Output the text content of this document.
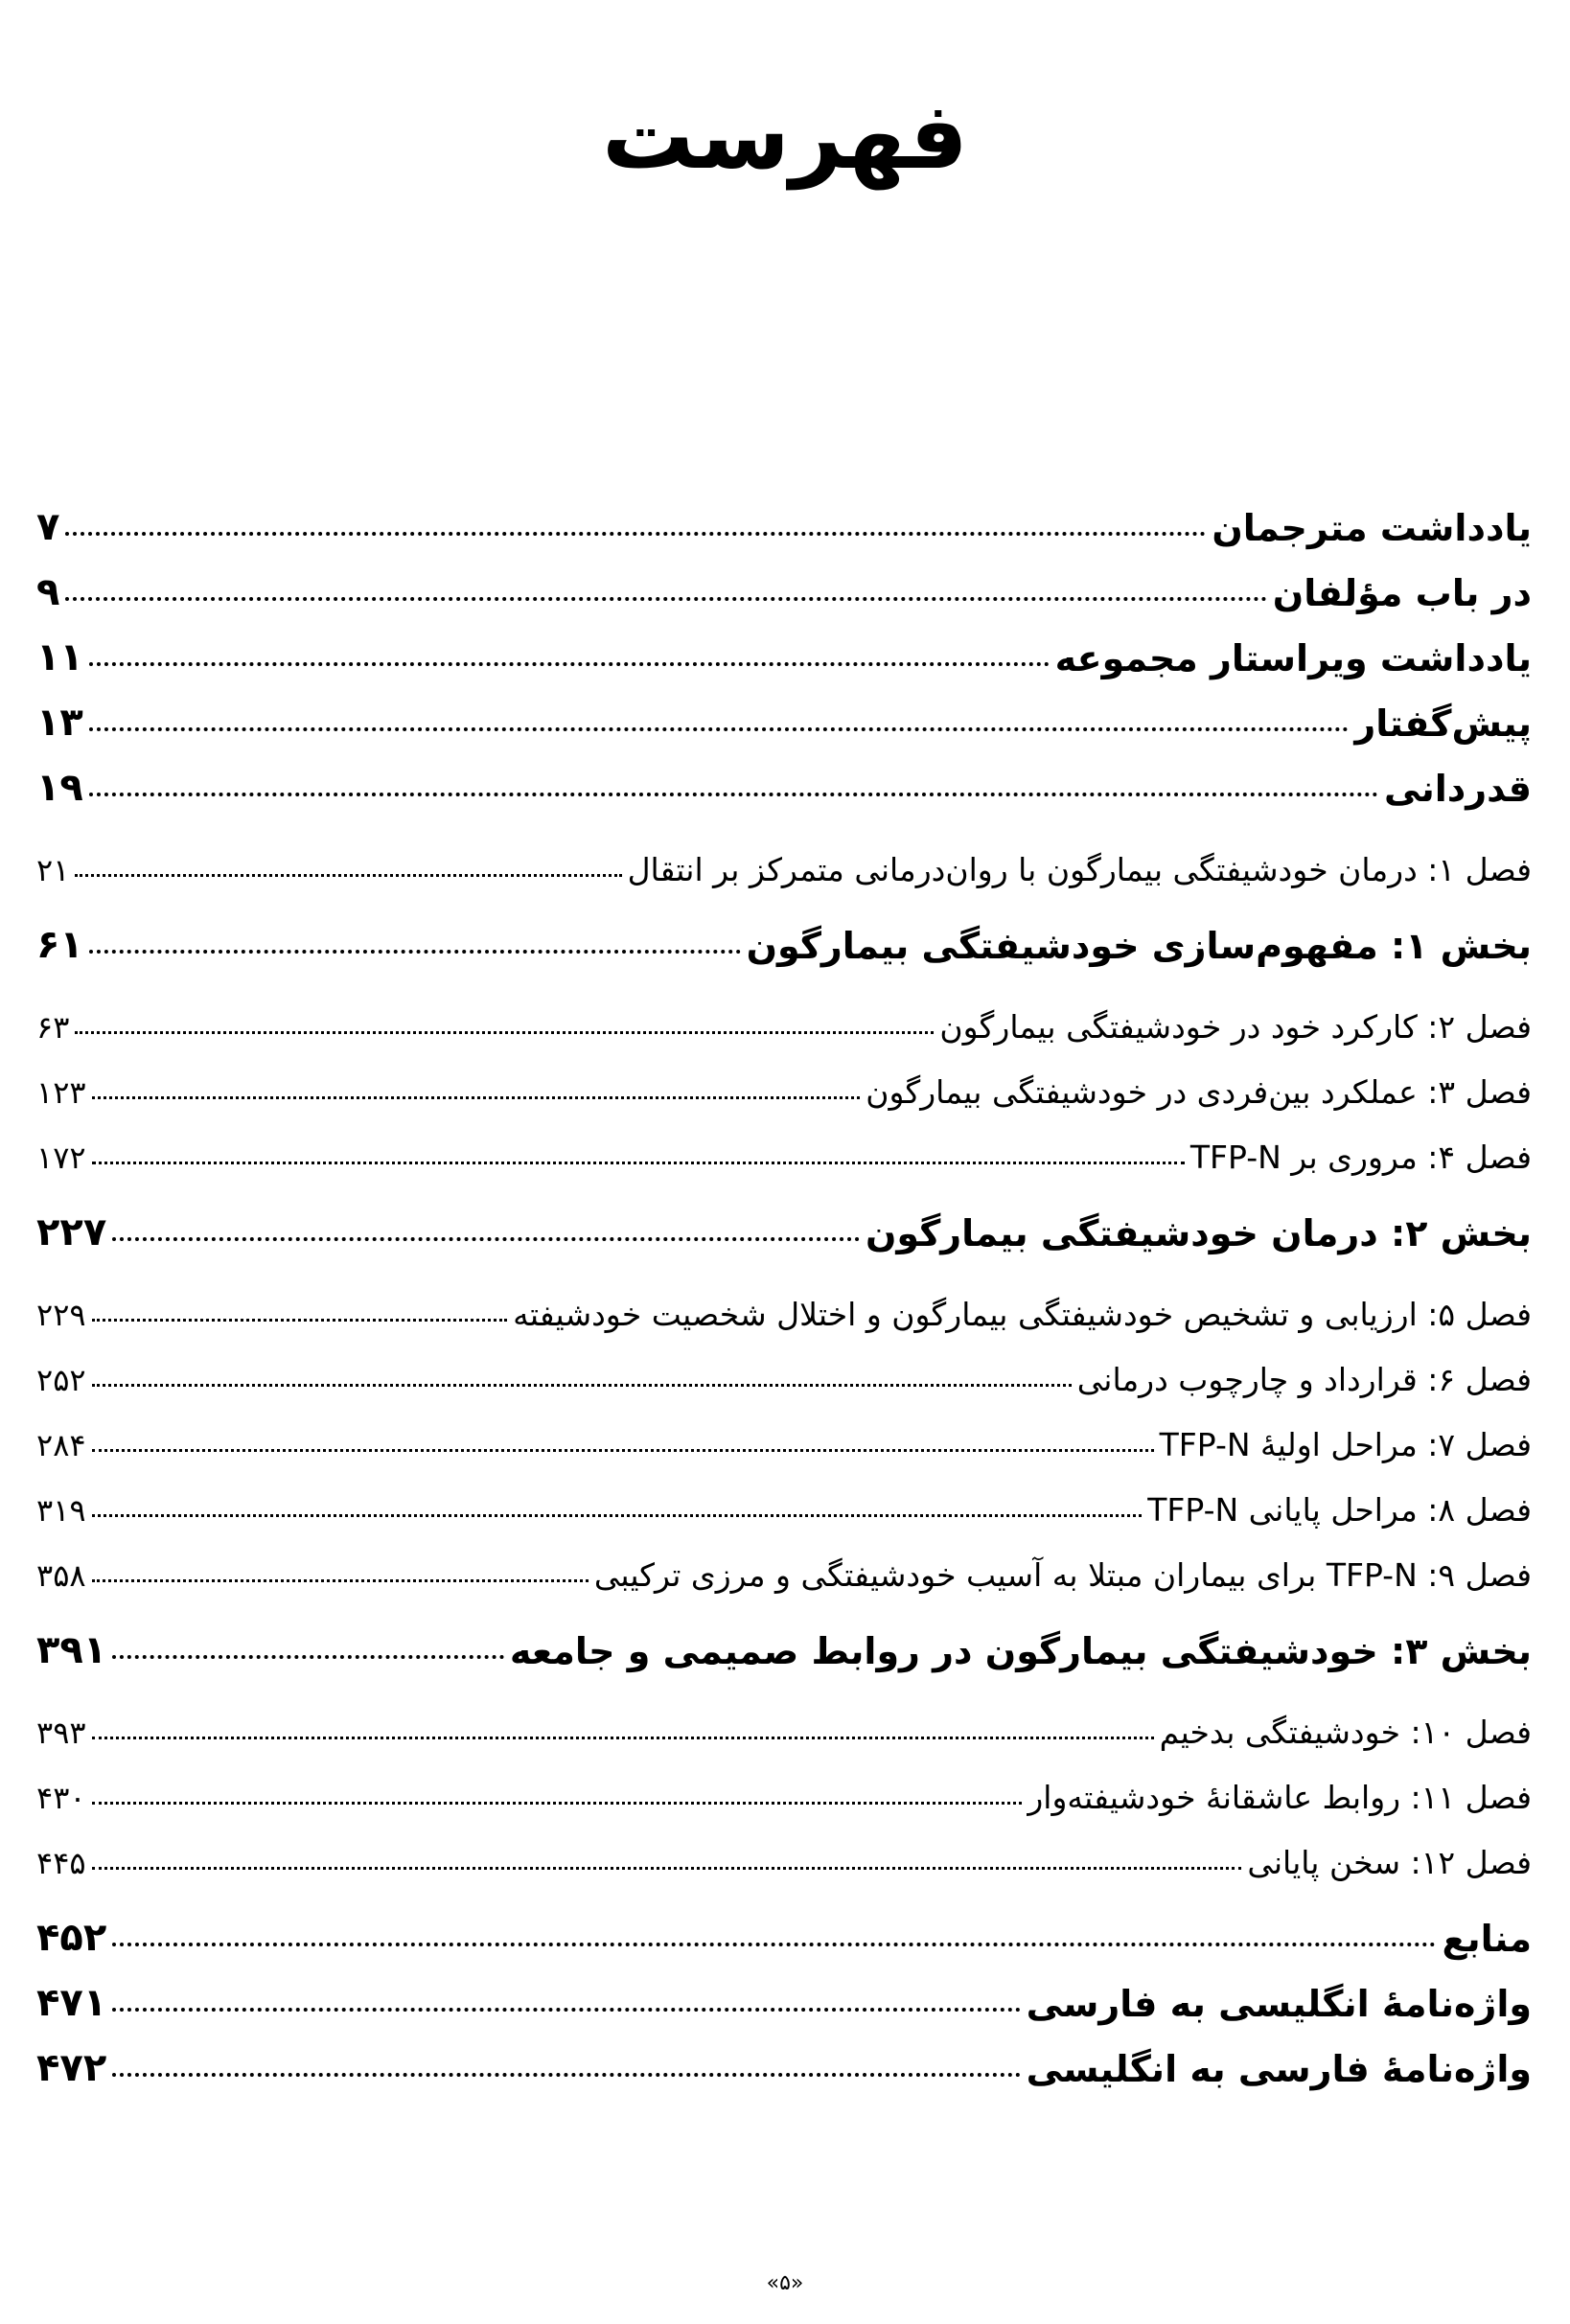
فهرست
یادداشت مترجمان
۷
در باب مؤلفان
۹
یادداشت ویراستار مجموعه
۱۱
پیش‌گفتار
۱۳
قدردانی
۱۹
فصل ۱: درمان خودشیفتگی بیمارگون با روان‌درمانی متمرکز بر انتقال
۲۱
بخش ۱: مفهوم‌سازی خودشیفتگی بیمارگون
۶۱
فصل ۲: کارکرد خود در خودشیفتگی بیمارگون
۶۳
فصل ۳: عملکرد بین‌فردی در خودشیفتگی بیمارگون
۱۲۳
فصل ۴: مروری بر TFP-N
۱۷۲
بخش ۲: درمان خودشیفتگی بیمارگون
۲۲۷
فصل ۵: ارزیابی و تشخیص خودشیفتگی بیمارگون و اختلال شخصیت خودشیفته
۲۲۹
فصل ۶: قرارداد و چارچوب درمانی
۲۵۲
فصل ۷: مراحل اولیهٔ TFP-N
۲۸۴
فصل ۸: مراحل پایانی TFP-N
۳۱۹
فصل ۹: TFP-N برای بیماران مبتلا به آسیب خودشیفتگی و مرزی ترکیبی
۳۵۸
بخش ۳: خودشیفتگی بیمارگون در روابط صمیمی و جامعه
۳۹۱
فصل ۱۰: خودشیفتگی بدخیم
۳۹۳
فصل ۱۱: روابط عاشقانهٔ خودشیفته‌وار
۴۳۰
فصل ۱۲: سخن پایانی
۴۴۵
منابع
۴۵۲
واژه‌نامهٔ انگلیسی به فارسی
۴۷۱
واژه‌نامهٔ فارسی به انگلیسی
۴۷۲
«۵»
